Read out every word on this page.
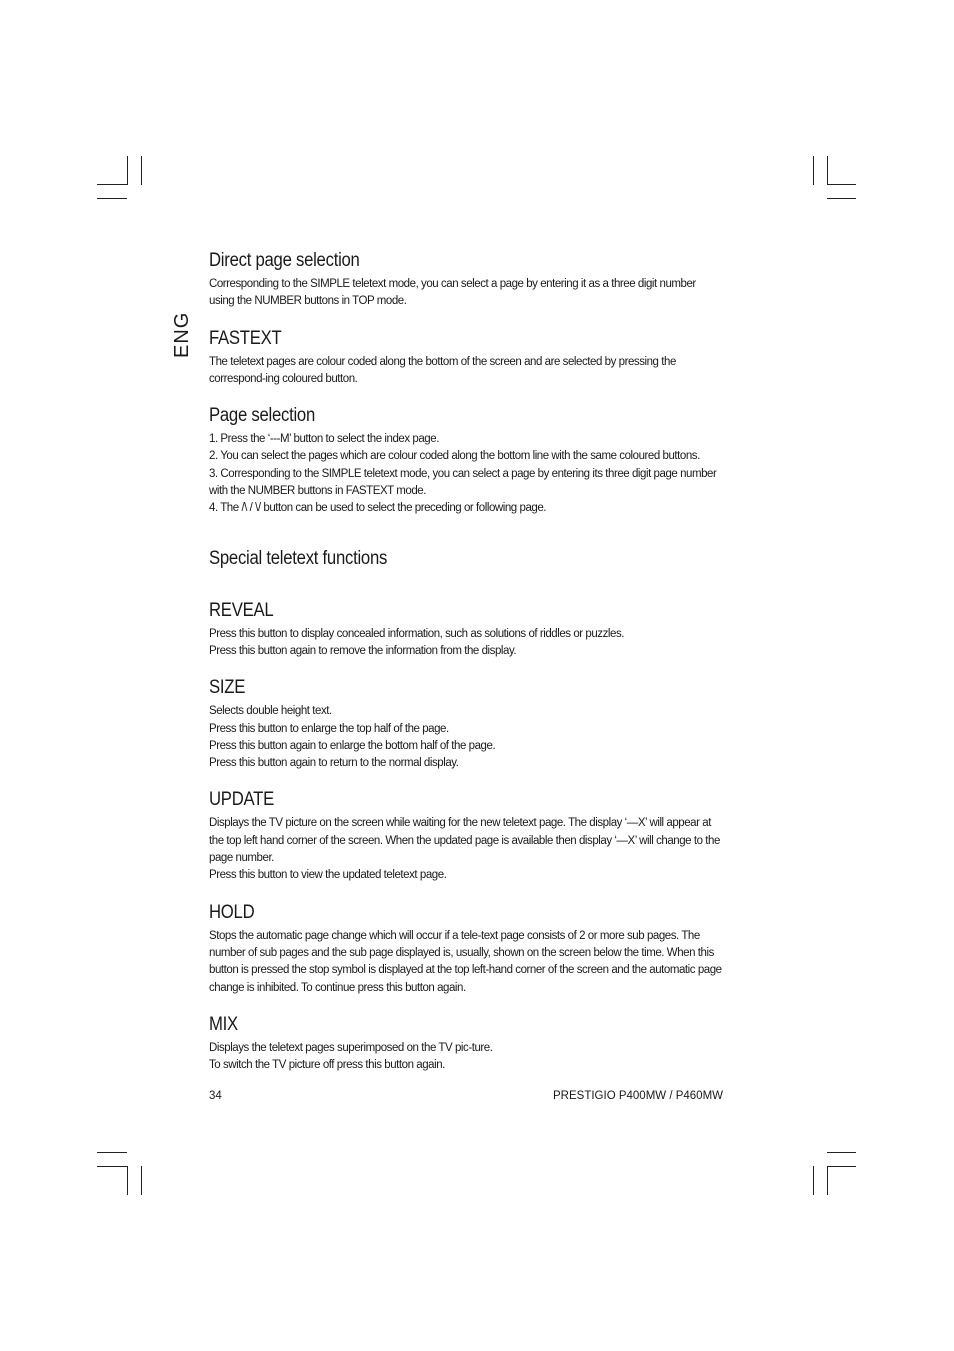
ENG
Direct page selection

Corresponding to the SIMPLE teletext mode, you can select a page by entering it as a three digit number using the NUMBER buttons in TOP mode.

FASTEXT

The teletext pages are colour coded along the bottom of the screen and are selected by pressing the correspond-ing coloured button.

Page selection

1. Press the ‘---M’ button to select the index page.

2. You can select the pages which are colour coded along the bottom line with the same coloured buttons.

3. Corresponding to the SIMPLE teletext mode, you can select a page by entering its three digit page number with the NUMBER buttons in FASTEXT mode.

4. The /\ / \/ button can be used to select the preceding or following page.

Special teletext functions
REVEAL

Press this button to display concealed information, such as solutions of riddles or puzzles.

Press this button again to remove the information from the display.

SIZE

Selects double height text.

Press this button to enlarge the top half of the page.

Press this button again to enlarge the bottom half of the page.

Press this button again to return to the normal display.

UPDATE

Displays the TV picture on the screen while waiting for the new teletext page. The display ‘—X’ will appear at the top left hand corner of the screen. When the updated page is available then display ‘—X’ will change to the page number.

Press this button to view the updated teletext page.

HOLD

Stops the automatic page change which will occur if a tele-text page consists of 2 or more sub pages. The number of sub pages and the sub page displayed is, usually, shown on the screen below the time. When this button is pressed the stop symbol is displayed at the top left-hand corner of the screen and the automatic page change is inhibited. To continue press this button again.

MIX

Displays the teletext pages superimposed on the TV pic-ture.

To switch the TV picture off press this button again.

34	PRESTIGIO P400MW / P460MW
